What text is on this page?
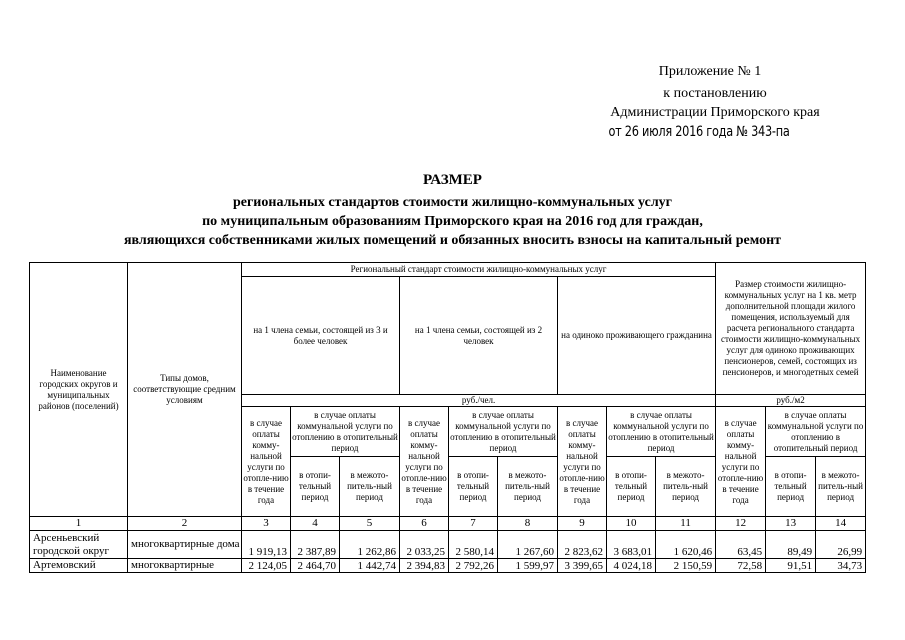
Приложение № 1
к постановлению
Администрации Приморского края
от 26 июля 2016 года № 343-па
РАЗМЕР
региональных стандартов стоимости жилищно-коммунальных услуг
по муниципальным образованиям Приморского края на 2016 год для граждан,
являющихся собственниками жилых помещений и обязанных вносить взносы на капитальный ремонт
Наименование городских округов и муниципальных районов (поселений)	Типы домов, соответствующие средним условиям	Региональный стандарт стоимости жилищно-коммунальных услуг									Размер стоимости жилищно-коммунальных услуг на 1 кв. метр дополнительной площади жилого помещения, используемый для расчета регионального стандарта стоимости жилищно-коммунальных услуг для одиноко проживающих пенсионеров, семей, состоящих из пенсионеров, и многодетных семей		
		на 1 члена семьи, состоящей из 3 и более человек			на 1 члена семьи, состоящей из 2 человек			на одиноко проживающего гражданина					
		руб./чел.									руб./м2		
		в случае оплаты комму-нальной услуги по отопле-нию в течение года	в случае оплаты коммунальной услуги по отоплению в отопительный период		в случае оплаты комму-нальной услуги по отопле-нию в течение года	в случае оплаты коммунальной услуги по отоплению в отопительный период		в случае оплаты комму-нальной услуги по отопле-нию в течение года	в случае оплаты коммунальной услуги по отоплению в отопительный период		в случае оплаты комму-нальной услуги по отопле-нию в течение года	в случае оплаты коммунальной услуги по отоплению в отопительный период	
			в отопи-тельный период	в межото-питель-ный период		в отопи-тельный период	в межото-питель-ный период		в отопи-тельный период	в межото-питель-ный период		в отопи-тельный период	в межото-питель-ный период
1	2	3	4	5	6	7	8	9	10	11	12	13	14
Арсеньевский городской округ	многоквартирные дома	1 919,13	2 387,89	1 262,86	2 033,25	2 580,14	1 267,60	2 823,62	3 683,01	1 620,46	63,45	89,49	26,99
Артемовский	многоквартирные	2 124,05	2 464,70	1 442,74	2 394,83	2 792,26	1 599,97	3 399,65	4 024,18	2 150,59	72,58	91,51	34,73
